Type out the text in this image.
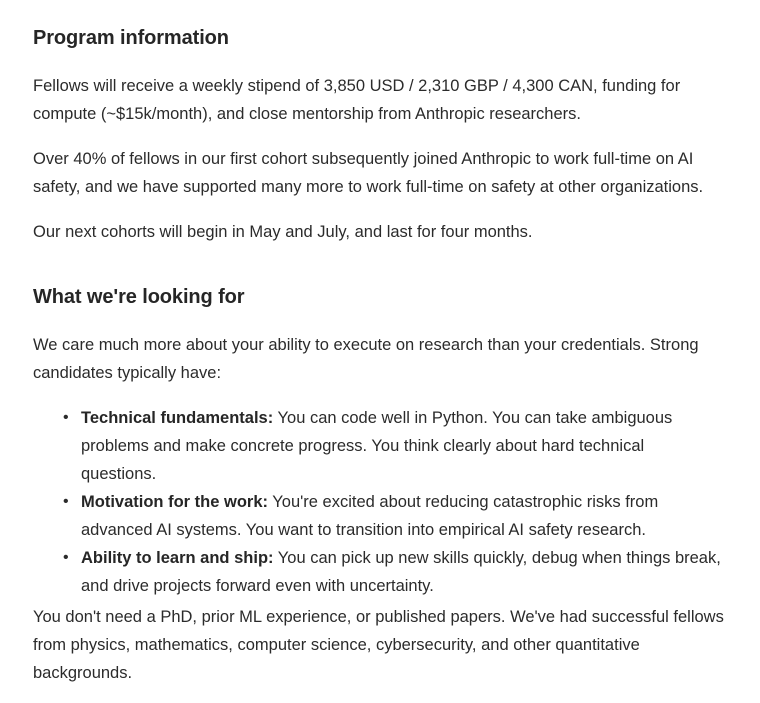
Program information

Fellows will receive a weekly stipend of 3,850 USD / 2,310 GBP / 4,300 CAN, funding for compute (~$15k/month), and close mentorship from Anthropic researchers.

Over 40% of fellows in our first cohort subsequently joined Anthropic to work full-time on AI safety, and we have supported many more to work full-time on safety at other organizations.

Our next cohorts will begin in May and July, and last for four months.

What we're looking for

We care much more about your ability to execute on research than your credentials. Strong candidates typically have:

• Technical fundamentals: You can code well in Python. You can take ambiguous problems and make concrete progress. You think clearly about hard technical questions.
• Motivation for the work: You're excited about reducing catastrophic risks from advanced AI systems. You want to transition into empirical AI safety research.
• Ability to learn and ship: You can pick up new skills quickly, debug when things break, and drive projects forward even with uncertainty.

You don't need a PhD, prior ML experience, or published papers. We've had successful fellows from physics, mathematics, computer science, cybersecurity, and other quantitative backgrounds.
